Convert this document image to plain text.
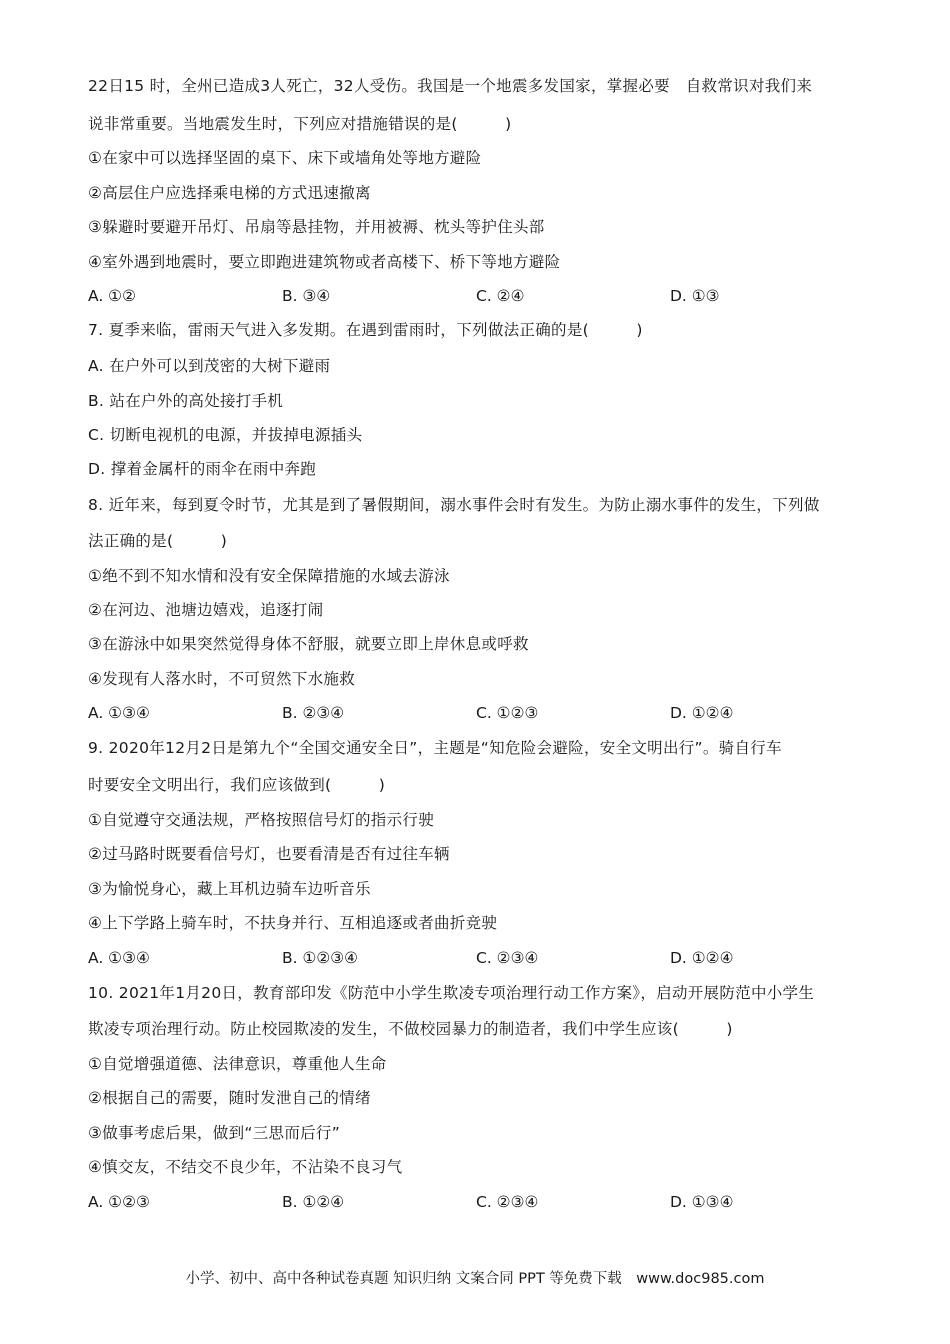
22日15 时，全州已造成3人死亡，32人受伤。我国是一个地震多发国家，掌握必要　自救常识对我们来
说非常重要。当地震发生时，下列应对措施错误的是(　　　)
①在家中可以选择坚固的桌下、床下或墙角处等地方避险
②高层住户应选择乘电梯的方式迅速撤离
③躲避时要避开吊灯、吊扇等悬挂物，并用被褥、枕头等护住头部
④室外遇到地震时，要立即跑进建筑物或者高楼下、桥下等地方避险
A. ①②	B. ③④	C. ②④	D. ①③
7. 夏季来临，雷雨天气进入多发期。在遇到雷雨时，下列做法正确的是(　　　)
A. 在户外可以到茂密的大树下避雨
B. 站在户外的高处接打手机
C. 切断电视机的电源，并拔掉电源插头
D. 撑着金属杆的雨伞在雨中奔跑
8. 近年来，每到夏令时节，尤其是到了暑假期间，溺水事件会时有发生。为防止溺水事件的发生，下列做
法正确的是(　　　)
①绝不到不知水情和没有安全保障措施的水域去游泳
②在河边、池塘边嬉戏，追逐打闹
③在游泳中如果突然觉得身体不舒服，就要立即上岸休息或呼救
④发现有人落水时，不可贸然下水施救
A. ①③④	B. ②③④	C. ①②③	D. ①②④
9. 2020年12月2日是第九个“全国交通安全日”，主题是“知危险会避险，安全文明出行”。骑自行车
时要安全文明出行，我们应该做到(　　　)
①自觉遵守交通法规，严格按照信号灯的指示行驶
②过马路时既要看信号灯，也要看清是否有过往车辆
③为愉悦身心，藏上耳机边骑车边听音乐
④上下学路上骑车时，不扶身并行、互相追逐或者曲折竞驶
A. ①③④	B. ①②③④	C. ②③④	D. ①②④
10. 2021年1月20日，教育部印发《防范中小学生欺凌专项治理行动工作方案》，启动开展防范中小学生
欺凌专项治理行动。防止校园欺凌的发生，不做校园暴力的制造者，我们中学生应该(　　　)
①自觉增强道德、法律意识，尊重他人生命
②根据自己的需要，随时发泄自己的情绪
③做事考虑后果，做到“三思而后行”
④慎交友，不结交不良少年，不沾染不良习气
A. ①②③	B. ①②④	C. ②③④	D. ①③④
小学、初中、高中各种试卷真题 知识归纳 文案合同 PPT 等免费下载　www.doc985.com
